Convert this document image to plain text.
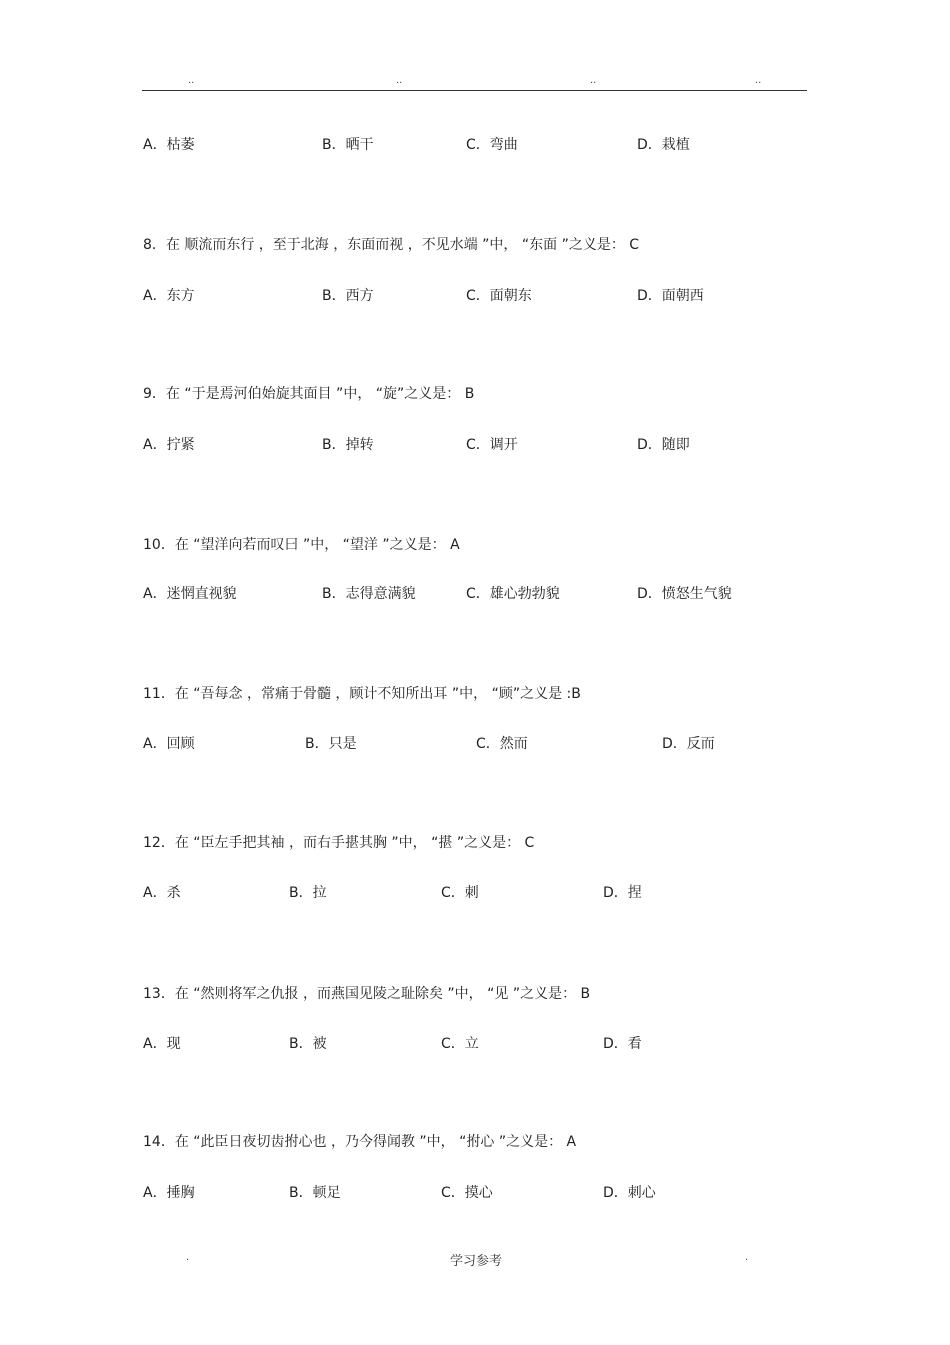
..	..	..	..
A．枯萎	B．晒干	C．弯曲	D．栽植
8．在 顺流而东行 ，至于北海 ，东面而视 ，不见水端 ”中， “东面 ”之义是： C
A．东方	B．西方	C．面朝东	D．面朝西
9．在 “于是焉河伯始旋其面目 ”中， “旋”之义是： B
A．拧紧	B．掉转	C．调开	D．随即
10．在 “望洋向若而叹曰 ”中， “望洋 ”之义是： A
A．迷惘直视貌	B．志得意满貌	C．雄心勃勃貌	D．愤怒生气貌
11．在 “吾每念 ，常痛于骨髓 ，顾计不知所出耳 ”中， “顾”之义是 :B
A．回顾	B．只是	C．然而	D．反而
12．在 “臣左手把其袖 ，而右手揕其胸 ”中， “揕 ”之义是： C
A．杀	B．拉	C．刺	D．捏
13．在 “然则将军之仇报 ，而燕国见陵之耻除矣 ”中， “见 ”之义是： B
A．现	B．被	C．立	D．看
14．在 “此臣日夜切齿拊心也 ，乃今得闻教 ”中， “拊心 ”之义是： A
A．捶胸	B．顿足	C．摸心	D．刺心
.	学习参考	.
